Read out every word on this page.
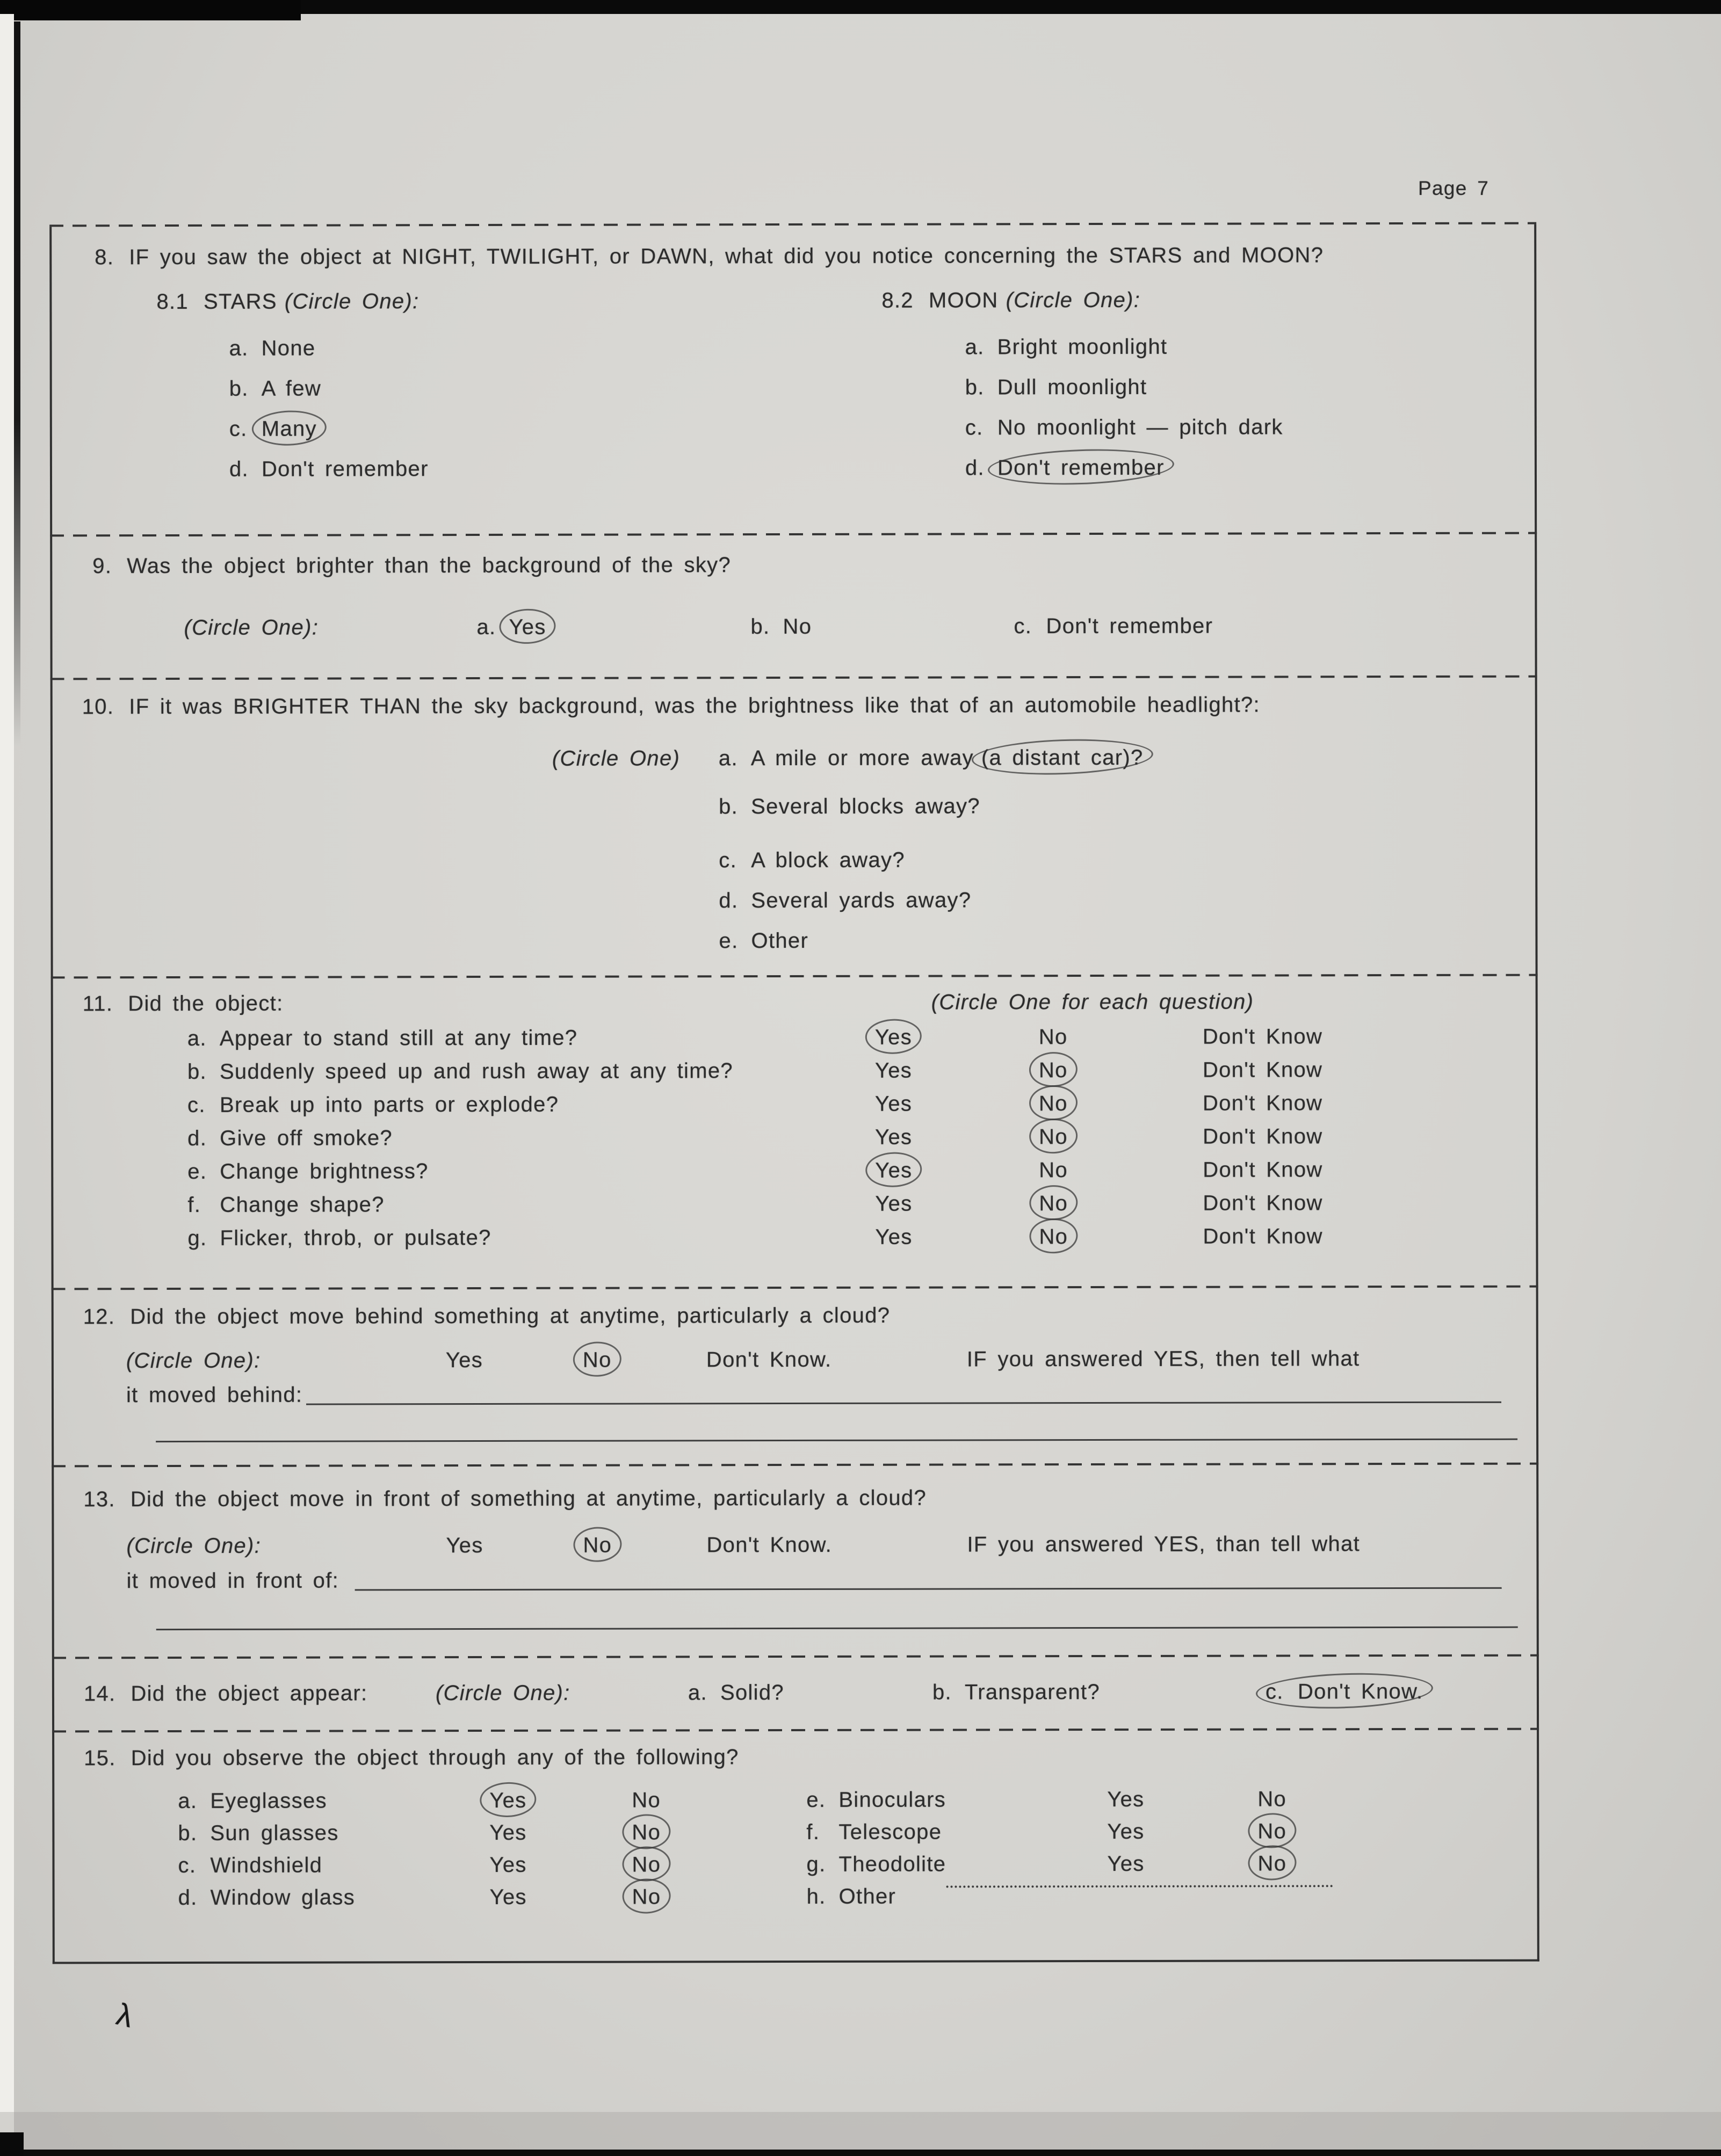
Page 7
8. IF you saw the object at NIGHT, TWILIGHT, or DAWN, what did you notice concerning the STARS and MOON?
8.1 STARS (Circle One):	8.2 MOON (Circle One):
a. None
b. A few
c. Many
d. Don't remember
a. Bright moonlight
b. Dull moonlight
c. No moonlight — pitch dark
d. Don't remember
9. Was the object brighter than the background of the sky?
(Circle One):	a. Yes	b. No	c. Don't remember
10. IF it was BRIGHTER THAN the sky background, was the brightness like that of an automobile headlight?:
(Circle One) a. A mile or more away (a distant car)?
b. Several blocks away?
c. A block away?
d. Several yards away?
e. Other
11. Did the object:	(Circle One for each question)
a. Appear to stand still at any time?	Yes	No	Don't Know
b. Suddenly speed up and rush away at any time?	Yes	No	Don't Know
c. Break up into parts or explode?	Yes	No	Don't Know
d. Give off smoke?	Yes	No	Don't Know
e. Change brightness?	Yes	No	Don't Know
f. Change shape?	Yes	No	Don't Know
g. Flicker, throb, or pulsate?	Yes	No	Don't Know
12. Did the object move behind something at anytime, particularly a cloud?
(Circle One):	Yes	No	Don't Know.	IF you answered YES, then tell what
it moved behind:
13. Did the object move in front of something at anytime, particularly a cloud?
(Circle One):	Yes	No	Don't Know.	IF you answered YES, than tell what
it moved in front of:
14. Did the object appear:	(Circle One):	a. Solid?	b. Transparent?	c. Don't Know.
15. Did you observe the object through any of the following?
a. Eyeglasses	Yes	No
b. Sun glasses	Yes	No
c. Windshield	Yes	No
d. Window glass	Yes	No
e. Binoculars	Yes	No
f. Telescope	Yes	No
g. Theodolite	Yes	No
h. Other
λ
